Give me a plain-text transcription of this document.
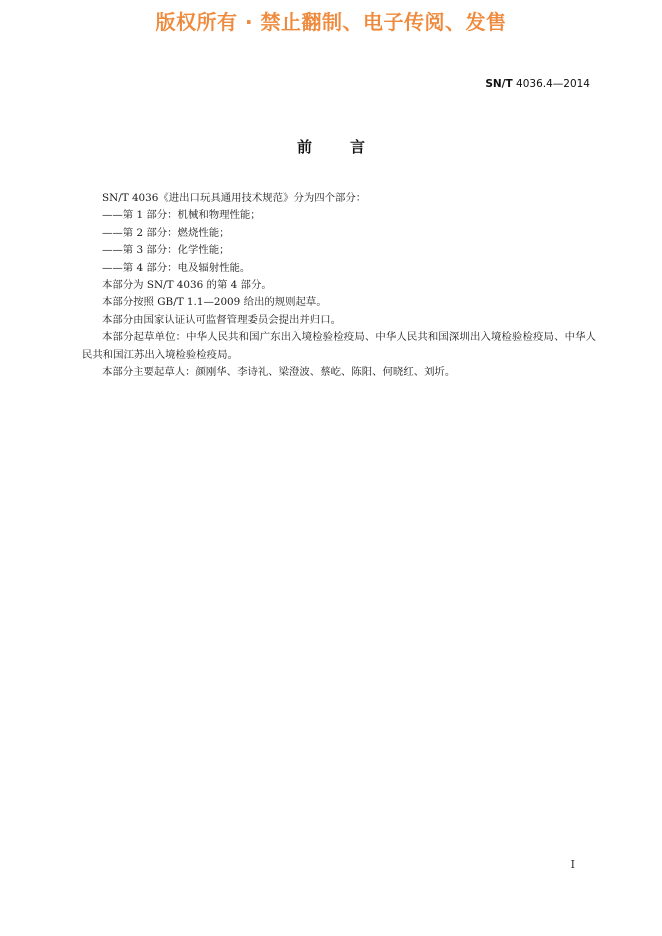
版权所有 · 禁止翻制、电子传阅、发售
SN/T 4036.4—2014
前言

SN/T 4036《进出口玩具通用技术规范》分为四个部分：

——第 1 部分：机械和物理性能；

——第 2 部分：燃烧性能；

——第 3 部分：化学性能；

——第 4 部分：电及辐射性能。

本部分为 SN/T 4036 的第 4 部分。

本部分按照 GB/T 1.1—2009 给出的规则起草。

本部分由国家认证认可监督管理委员会提出并归口。

本部分起草单位：中华人民共和国广东出入境检验检疫局、中华人民共和国深圳出入境检验检疫局、中华人民共和国江苏出入境检验检疫局。

本部分主要起草人：颜刚华、李诗礼、梁澄波、蔡屹、陈阳、何晓红、刘圻。

I
